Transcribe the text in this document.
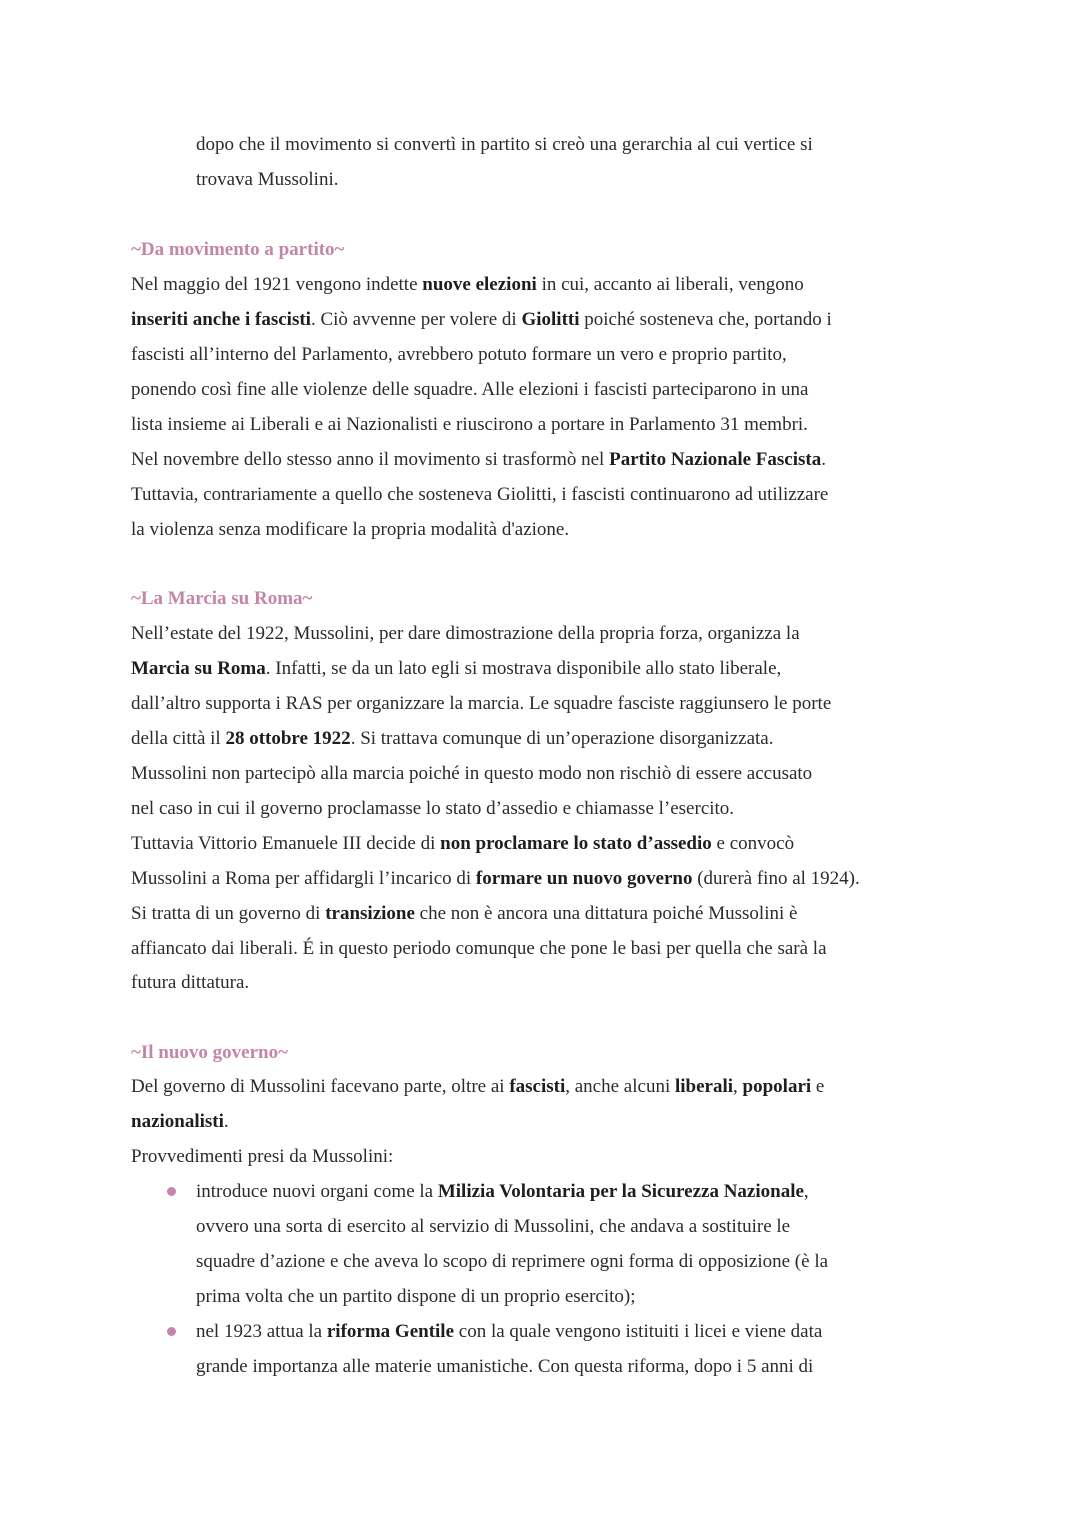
dopo che il movimento si convertì in partito si creò una gerarchia al cui vertice si
trovava Mussolini.
~Da movimento a partito~
Nel maggio del 1921 vengono indette nuove elezioni in cui, accanto ai liberali, vengono
inseriti anche i fascisti. Ciò avvenne per volere di Giolitti poiché sosteneva che, portando i
fascisti all’interno del Parlamento, avrebbero potuto formare un vero e proprio partito,
ponendo così fine alle violenze delle squadre. Alle elezioni i fascisti parteciparono in una
lista insieme ai Liberali e ai Nazionalisti e riuscirono a portare in Parlamento 31 membri.
Nel novembre dello stesso anno il movimento si trasformò nel Partito Nazionale Fascista.
Tuttavia, contrariamente a quello che sosteneva Giolitti, i fascisti continuarono ad utilizzare
la violenza senza modificare la propria modalità d'azione.
~La Marcia su Roma~
Nell’estate del 1922, Mussolini, per dare dimostrazione della propria forza, organizza la
Marcia su Roma. Infatti, se da un lato egli si mostrava disponibile allo stato liberale,
dall’altro supporta i RAS per organizzare la marcia. Le squadre fasciste raggiunsero le porte
della città il 28 ottobre 1922. Si trattava comunque di un’operazione disorganizzata.
Mussolini non partecipò alla marcia poiché in questo modo non rischiò di essere accusato
nel caso in cui il governo proclamasse lo stato d’assedio e chiamasse l’esercito.
Tuttavia Vittorio Emanuele III decide di non proclamare lo stato d’assedio e convocò
Mussolini a Roma per affidargli l’incarico di formare un nuovo governo (durerà fino al 1924).
Si tratta di un governo di transizione che non è ancora una dittatura poiché Mussolini è
affiancato dai liberali. É in questo periodo comunque che pone le basi per quella che sarà la
futura dittatura.
~Il nuovo governo~
Del governo di Mussolini facevano parte, oltre ai fascisti, anche alcuni liberali, popolari e
nazionalisti.
Provvedimenti presi da Mussolini:
introduce nuovi organi come la Milizia Volontaria per la Sicurezza Nazionale,
ovvero una sorta di esercito al servizio di Mussolini, che andava a sostituire le
squadre d’azione e che aveva lo scopo di reprimere ogni forma di opposizione (è la
prima volta che un partito dispone di un proprio esercito);
nel 1923 attua la riforma Gentile con la quale vengono istituiti i licei e viene data
grande importanza alle materie umanistiche. Con questa riforma, dopo i 5 anni di
